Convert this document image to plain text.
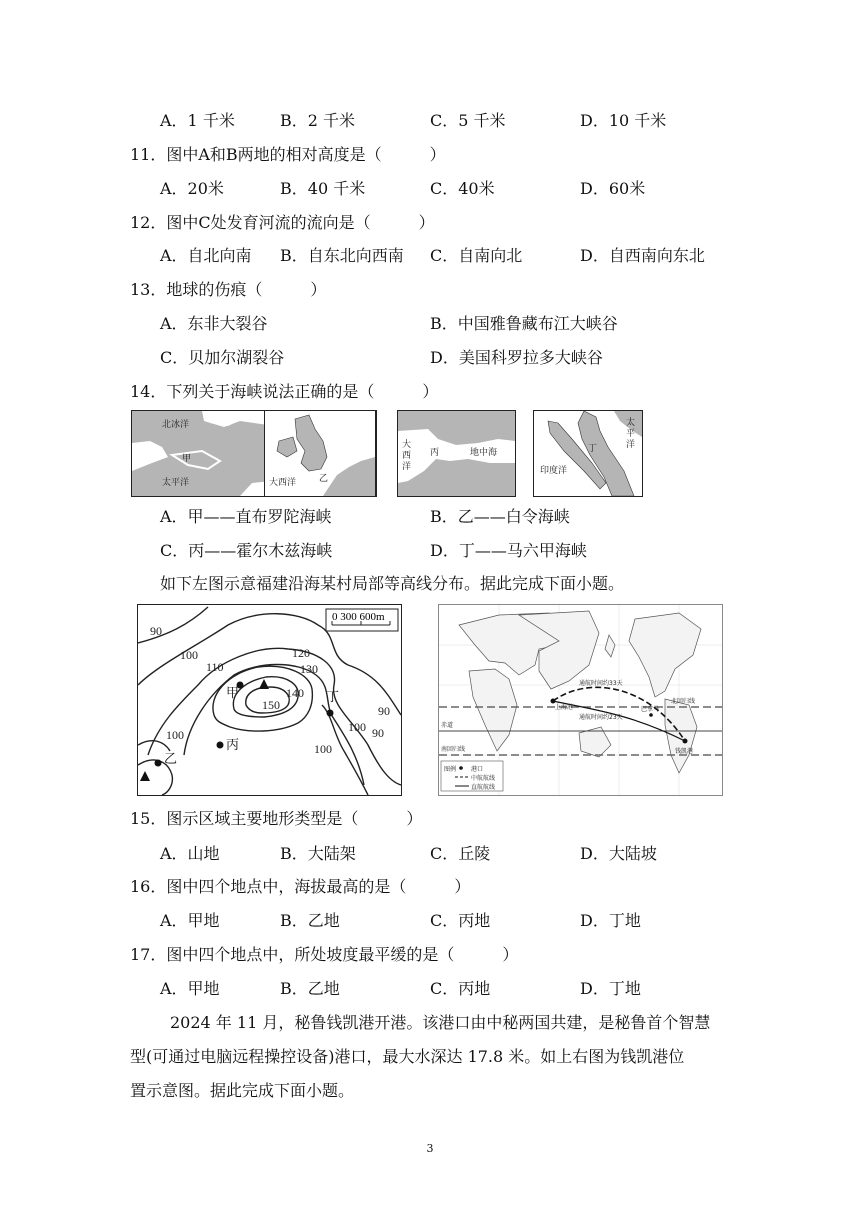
A．1 千米	B．2 千米	C．5 千米	D．10 千米
11．图中A和B两地的相对高度是（　　　）
A．20米	B．40 千米	C．40米	D．60米
12．图中C处发育河流的流向是（　　　）
A．自北向南 B．自东北向西南 C．自南向北	D．自西南向东北
13．地球的伤痕（　　　）
A．东非大裂谷	B．中国雅鲁藏布江大峡谷
C．贝加尔湖裂谷	D．美国科罗拉多大峡谷
14．下列关于海峡说法正确的是（　　　）
北冰洋
甲
太平洋	乙
大西洋
大
西
洋
丙	地中海	丁
太
平
洋
印度洋
A．甲——直布罗陀海峡	B．乙——白令海峡
C．丙——霍尔木兹海峡	D．丁——马六甲海峡
如下左图示意福建沿海某村局部等高线分布。据此完成下面小题。
0 300 600m
90
100
110
120
130
140
150
100
100 90
90
100
甲
乙
丙
丁
通航时间约33天
通航时间约23天
北回归线
赤道
南回归线
上海港	巴拿马
钱凯港
图例 港口
中航航线
直航航线
15．图示区域主要地形类型是（　　　）
A．山地	B．大陆架	C．丘陵	D．大陆坡
16．图中四个地点中，海拔最高的是（　　　）
A．甲地	B．乙地	C．丙地	D．丁地
17．图中四个地点中，所处坡度最平缓的是（　　　）
A．甲地	B．乙地	C．丙地	D．丁地
2024 年 11 月，秘鲁钱凯港开港。该港口由中秘两国共建，是秘鲁首个智慧
型(可通过电脑远程操控设备)港口，最大水深达 17.8 米。如上右图为钱凯港位
置示意图。据此完成下面小题。
3
